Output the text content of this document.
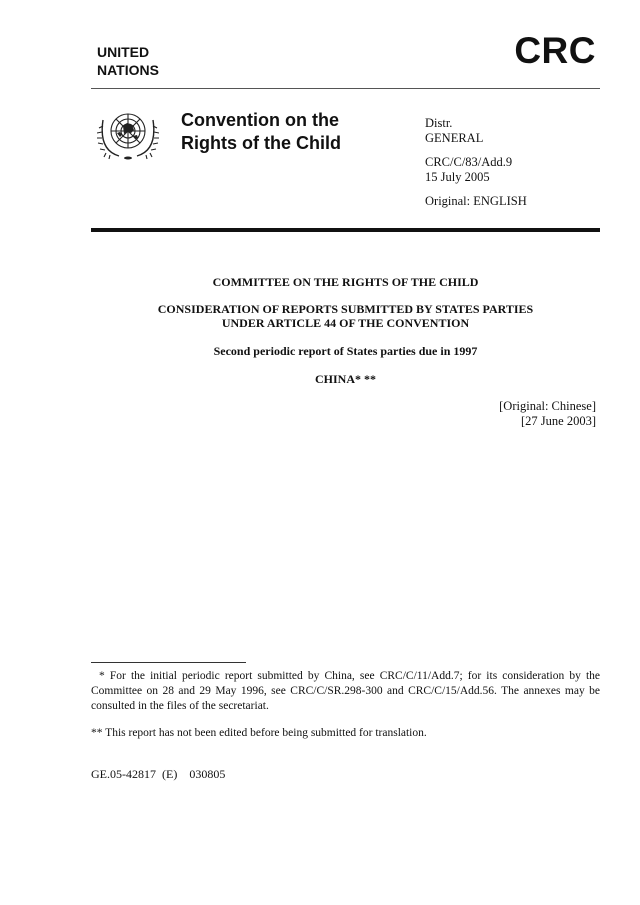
UNITED
NATIONS	CRC
Convention on the
Rights of the Child
Distr.
GENERAL
CRC/C/83/Add.9
15 July 2005
Original: ENGLISH
COMMITTEE ON THE RIGHTS OF THE CHILD
CONSIDERATION OF REPORTS SUBMITTED BY STATES PARTIES
UNDER ARTICLE 44 OF THE CONVENTION
Second periodic report of States parties due in 1997
CHINA* **
[Original: Chinese]
[27 June 2003]

* For the initial periodic report submitted by China, see CRC/C/11/Add.7; for its consideration by the Committee on 28 and 29 May 1996, see CRC/C/SR.298-300 and CRC/C/15/Add.56. The annexes may be consulted in the files of the secretariat.

** This report has not been edited before being submitted for translation.
GE.05-42817  (E)    030805
